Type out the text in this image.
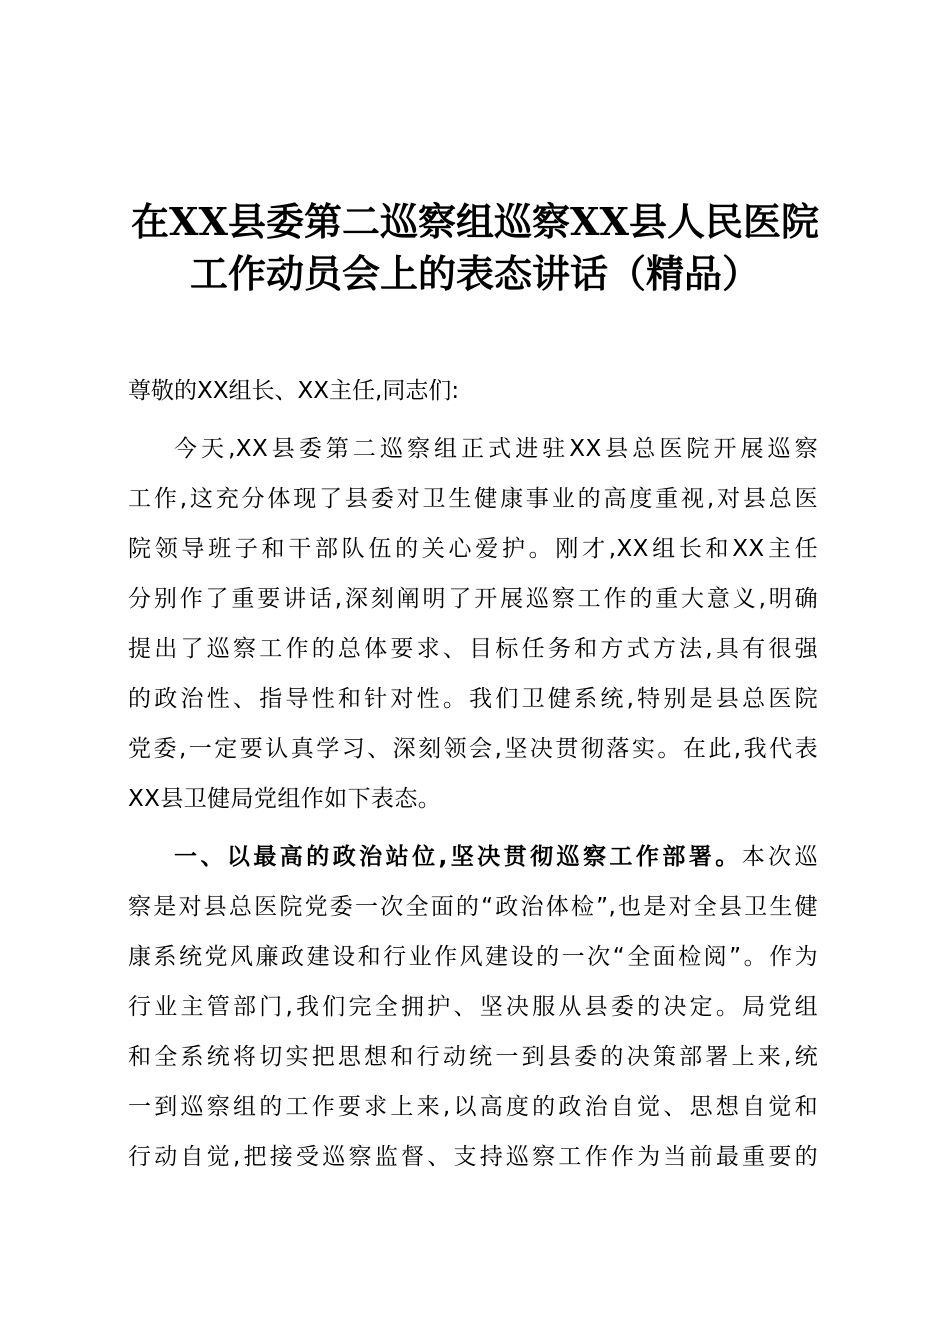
在XX县委第二巡察组巡察XX县人民医院
工作动员会上的表态讲话（精品）

尊敬的XX组长、XX主任,同志们:

今天,XX县委第二巡察组正式进驻XX县总医院开展巡察
工作,这充分体现了县委对卫生健康事业的高度重视,对县总医
院领导班子和干部队伍的关心爱护。刚才,XX组长和XX主任
分别作了重要讲话,深刻阐明了开展巡察工作的重大意义,明确
提出了巡察工作的总体要求、目标任务和方式方法,具有很强
的政治性、指导性和针对性。我们卫健系统,特别是县总医院
党委,一定要认真学习、深刻领会,坚决贯彻落实。在此,我代表
XX县卫健局党组作如下表态。

一、以最高的政治站位,坚决贯彻巡察工作部署。本次巡
察是对县总医院党委一次全面的“政治体检”,也是对全县卫生健
康系统党风廉政建设和行业作风建设的一次“全面检阅”。作为
行业主管部门,我们完全拥护、坚决服从县委的决定。局党组
和全系统将切实把思想和行动统一到县委的决策部署上来,统
一到巡察组的工作要求上来,以高度的政治自觉、思想自觉和
行动自觉,把接受巡察监督、支持巡察工作作为当前最重要的
